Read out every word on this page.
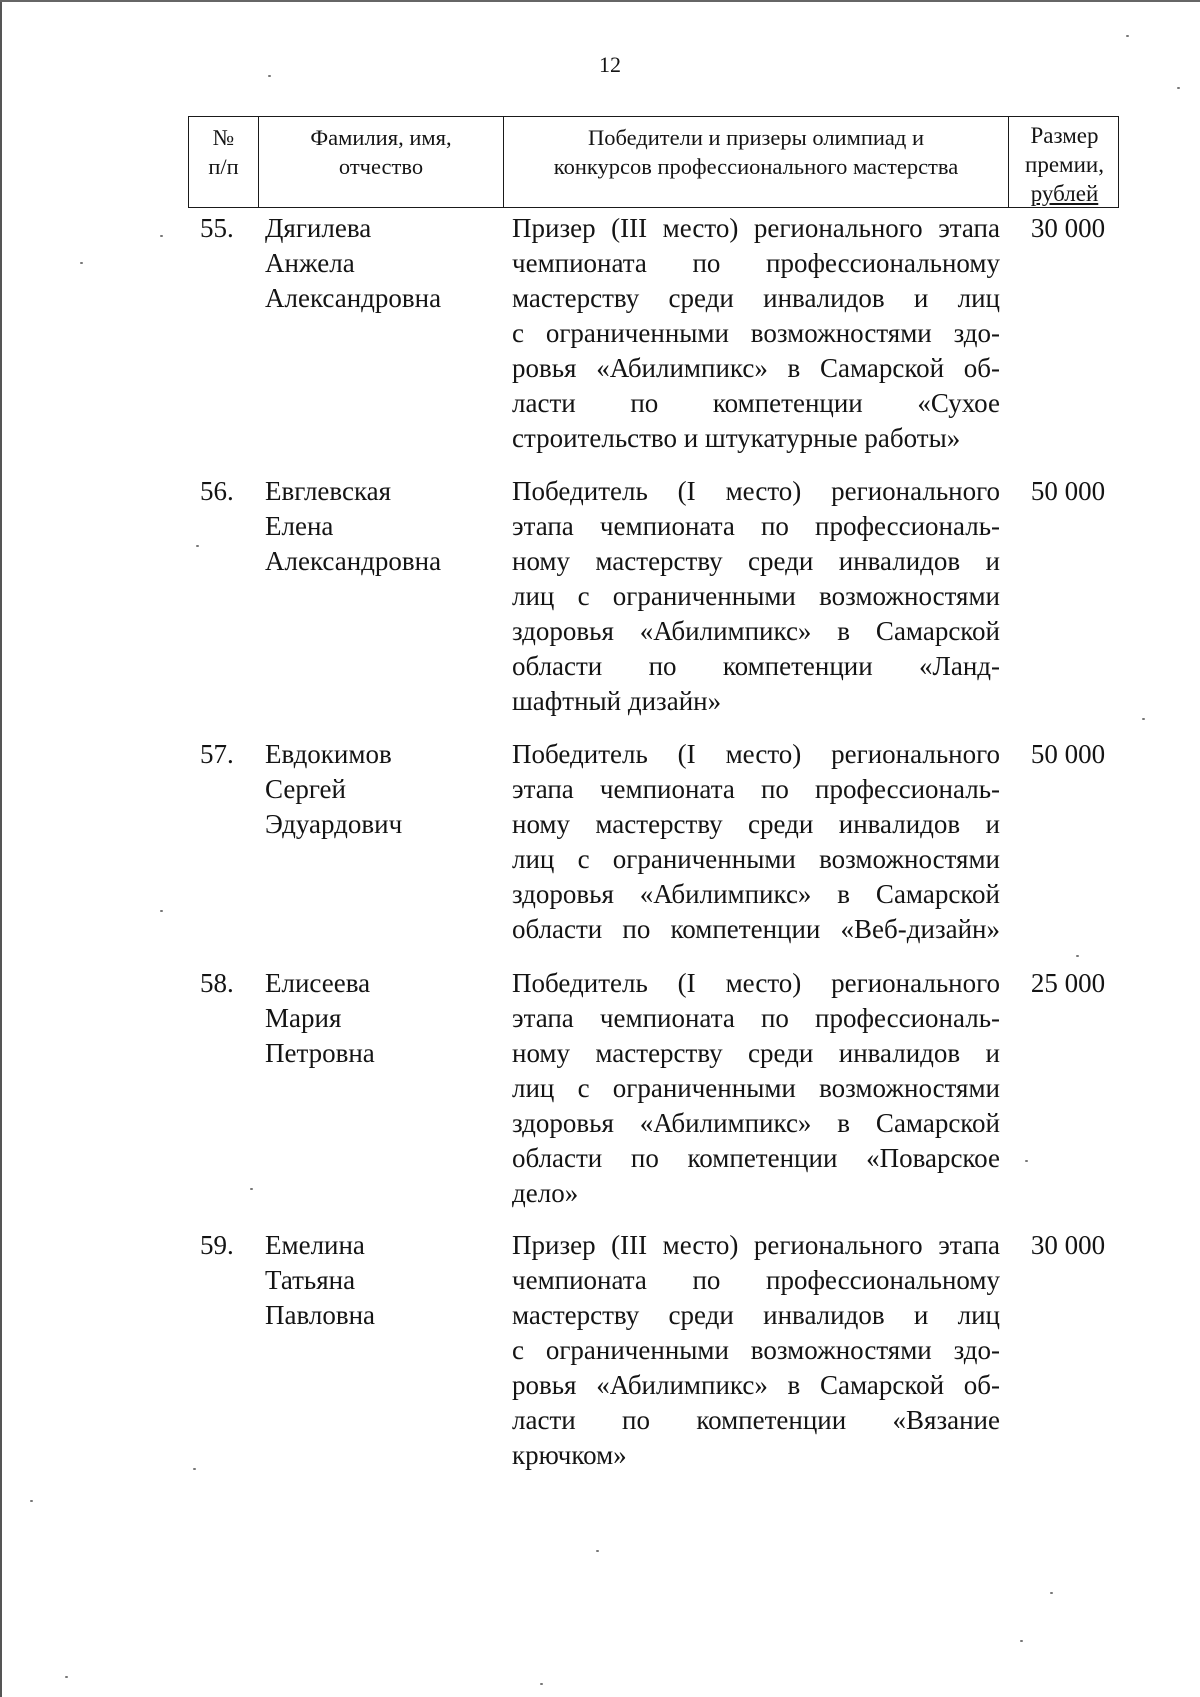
12
№
п/п
Фамилия, имя,
отчество
Победители и призеры олимпиад и
конкурсов профессионального мастерства
Размер
премии,
рублей
55. Дягилева
Анжела
Александровна
Призер (III место) регионального этапа
чемпионата по профессиональному
мастерству среди инвалидов и лиц
с ограниченными возможностями здо-
ровья «Абилимпикс» в Самарской об-
ласти по компетенции «Сухое
строительство и штукатурные работы»
30 000
56. Евглевская
Елена
Александровна
Победитель (I место) регионального
этапа чемпионата по профессиональ-
ному мастерству среди инвалидов и
лиц с ограниченными возможностями
здоровья «Абилимпикс» в Самарской
области по компетенции «Ланд-
шафтный дизайн»
50 000
57. Евдокимов
Сергей
Эдуардович
Победитель (I место) регионального
этапа чемпионата по профессиональ-
ному мастерству среди инвалидов и
лиц с ограниченными возможностями
здоровья «Абилимпикс» в Самарской
области по компетенции «Веб-дизайн»
50 000
58. Елисеева
Мария
Петровна
Победитель (I место) регионального
этапа чемпионата по профессиональ-
ному мастерству среди инвалидов и
лиц с ограниченными возможностями
здоровья «Абилимпикс» в Самарской
области по компетенции «Поварское
дело»
25 000
59. Емелина
Татьяна
Павловна
Призер (III место) регионального этапа
чемпионата по профессиональному
мастерству среди инвалидов и лиц
с ограниченными возможностями здо-
ровья «Абилимпикс» в Самарской об-
ласти по компетенции «Вязание
крючком»
30 000
